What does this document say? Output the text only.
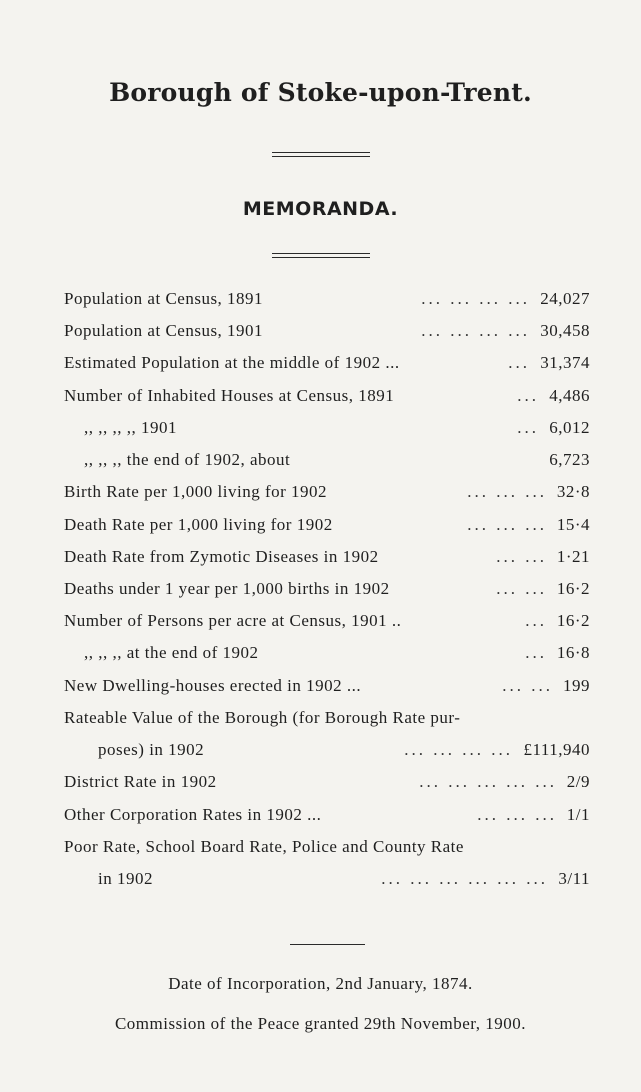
Borough of Stoke-upon-Trent.
MEMORANDA.
Population at Census, 1891	... ... ... ... 24,027
Population at Census, 1901	... ... ... ... 30,458
Estimated Population at the middle of 1902 ...	... 31,374
Number of Inhabited Houses at Census, 1891	... 4,486
,, ,, ,, ,, 1901	... 6,012
,, ,, ,, the end of 1902, about	6,723
Birth Rate per 1,000 living for 1902	... ... ... 32·8
Death Rate per 1,000 living for 1902	... ... ... 15·4
Death Rate from Zymotic Diseases in 1902	... ... 1·21
Deaths under 1 year per 1,000 births in 1902	... ... 16·2
Number of Persons per acre at Census, 1901 ..	... 16·2
,, ,, ,, at the end of 1902	... 16·8
New Dwelling-houses erected in 1902 ...	... ... 199
Rateable Value of the Borough (for Borough Rate pur-
poses) in 1902	... ... ... ... £111,940
District Rate in 1902	... ... ... ... ... 2/9
Other Corporation Rates in 1902 ...	... ... ... 1/1
Poor Rate, School Board Rate, Police and County Rate
in 1902	... ... ... ... ... ... 3/11
Date of Incorporation, 2nd January, 1874.
Commission of the Peace granted 29th November, 1900.
